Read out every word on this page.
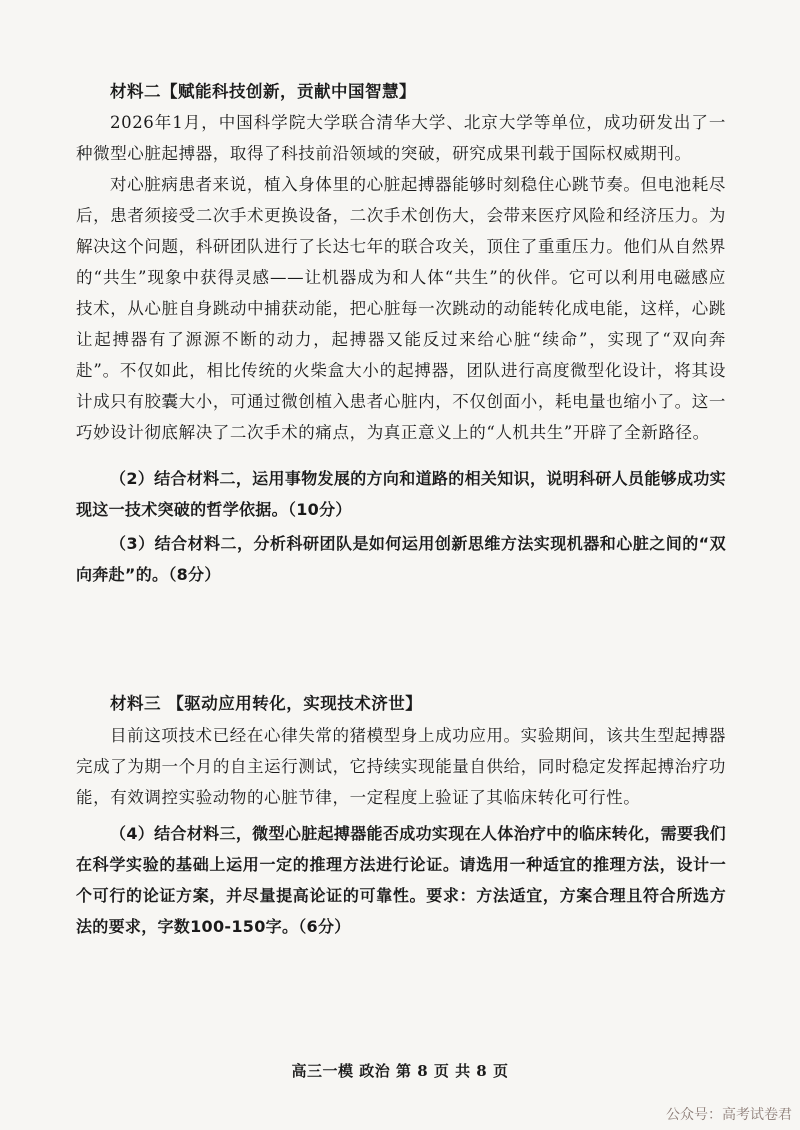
材料二【赋能科技创新，贡献中国智慧】

2026年1月，中国科学院大学联合清华大学、北京大学等单位，成功研发出了一种微型心脏起搏器，取得了科技前沿领域的突破，研究成果刊载于国际权威期刊。

对心脏病患者来说，植入身体里的心脏起搏器能够时刻稳住心跳节奏。但电池耗尽后，患者须接受二次手术更换设备，二次手术创伤大，会带来医疗风险和经济压力。为解决这个问题，科研团队进行了长达七年的联合攻关，顶住了重重压力。他们从自然界的“共生”现象中获得灵感——让机器成为和人体“共生”的伙伴。它可以利用电磁感应技术，从心脏自身跳动中捕获动能，把心脏每一次跳动的动能转化成电能，这样，心跳让起搏器有了源源不断的动力，起搏器又能反过来给心脏“续命”，实现了“双向奔赴”。不仅如此，相比传统的火柴盒大小的起搏器，团队进行高度微型化设计，将其设计成只有胶囊大小，可通过微创植入患者心脏内，不仅创面小，耗电量也缩小了。这一巧妙设计彻底解决了二次手术的痛点，为真正意义上的“人机共生”开辟了全新路径。

（2）结合材料二，运用事物发展的方向和道路的相关知识，说明科研人员能够成功实现这一技术突破的哲学依据。（10分）

（3）结合材料二，分析科研团队是如何运用创新思维方法实现机器和心脏之间的“双向奔赴”的。（8分）

材料三 【驱动应用转化，实现技术济世】

目前这项技术已经在心律失常的猪模型身上成功应用。实验期间，该共生型起搏器完成了为期一个月的自主运行测试，它持续实现能量自供给，同时稳定发挥起搏治疗功能，有效调控实验动物的心脏节律，一定程度上验证了其临床转化可行性。

（4）结合材料三，微型心脏起搏器能否成功实现在人体治疗中的临床转化，需要我们在科学实验的基础上运用一定的推理方法进行论证。请选用一种适宜的推理方法，设计一个可行的论证方案，并尽量提高论证的可靠性。要求：方法适宜，方案合理且符合所选方法的要求，字数100-150字。（6分）

高三一模 政治 第 8 页 共 8 页
公众号：高考试卷君
